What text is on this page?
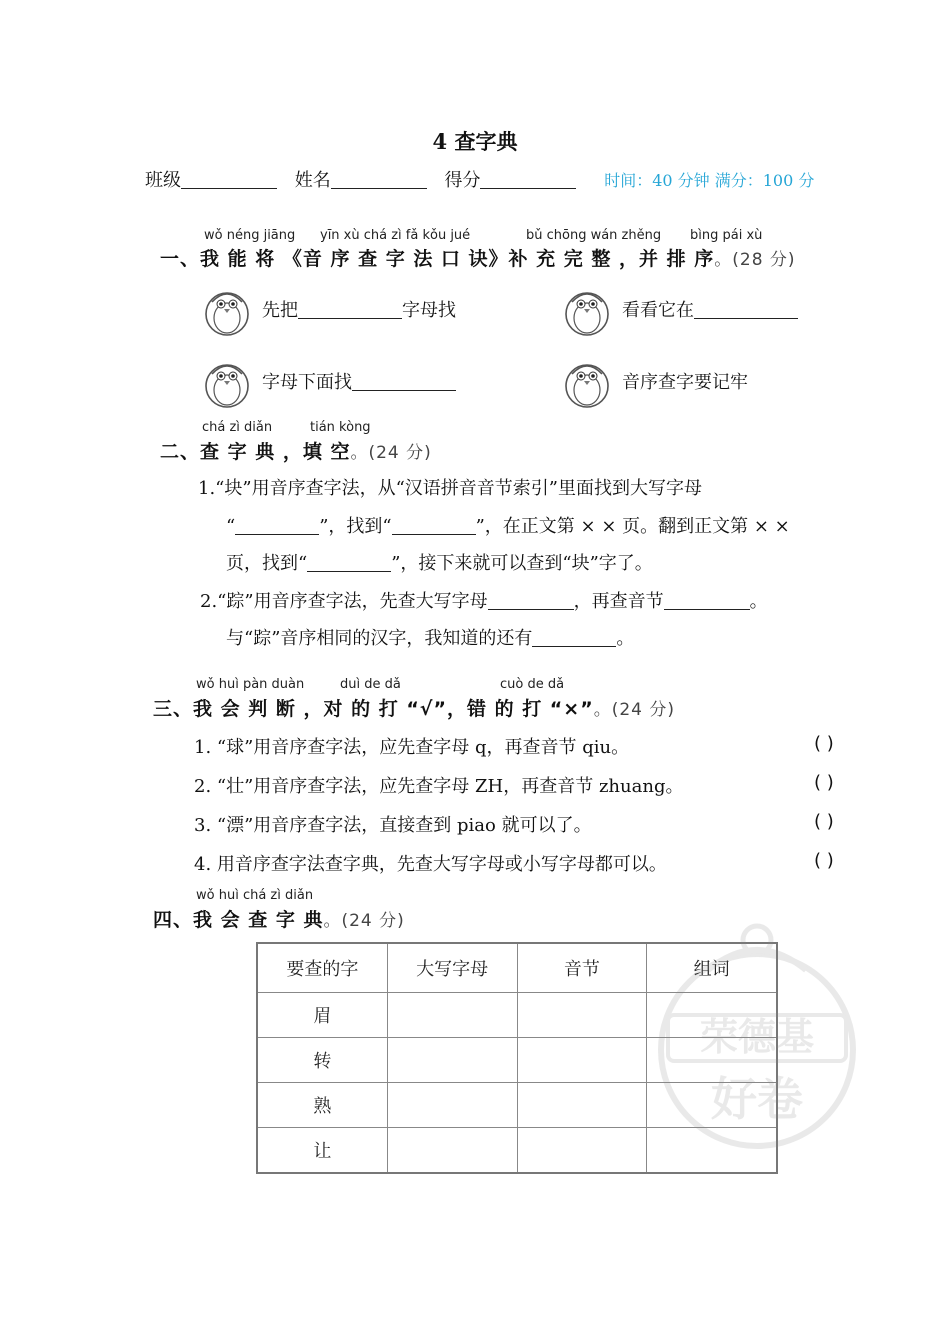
4 查字典
班级	姓名	得分	时间：40 分钟 满分：100 分
wǒ néng jiāng yīn xù chá zì fǎ kǒu jué	bǔ chōng wán zhěng bìng pái xù
一、我 能 将 《音 序 查 字 法 口 诀》补 充 完 整 ，并 排 序。(28 分)
先把	字母找	看看它在
字母下面找	音序查字要记牢
chá zì diǎn	tián kòng
二、查 字 典 ，填 空。(24 分)
1.“块”用音序查字法，从“汉语拼音音节索引”里面找到大写字母
“	”，找到“	”，在正文第 × × 页。翻到正文第 × ×
页，找到“	”，接下来就可以查到“块”字了。
2.“踪”用音序查字法，先查大写字母	，再查音节	。
与“踪”音序相同的汉字，我知道的还有	。
wǒ huì pàn duàn	duì de dǎ	cuò de dǎ
三、我 会 判 断 ，对 的 打 “√”，错 的 打 “×”。(24 分)
1. “球”用音序查字法，应先查字母 q，再查音节 qiu。	( )
2. “壮”用音序查字法，应先查字母 ZH，再查音节 zhuang。	( )
3. “漂”用音序查字法，直接查到 piao 就可以了。	( )
4. 用音序查字法查字典，先查大写字母或小写字母都可以。	( )
wǒ huì chá zì diǎn
四、我 会 查 字 典。(24 分)
要查的字	大写字母	音节	组词
眉			
转			
熟			
让			
荣德基
好卷
